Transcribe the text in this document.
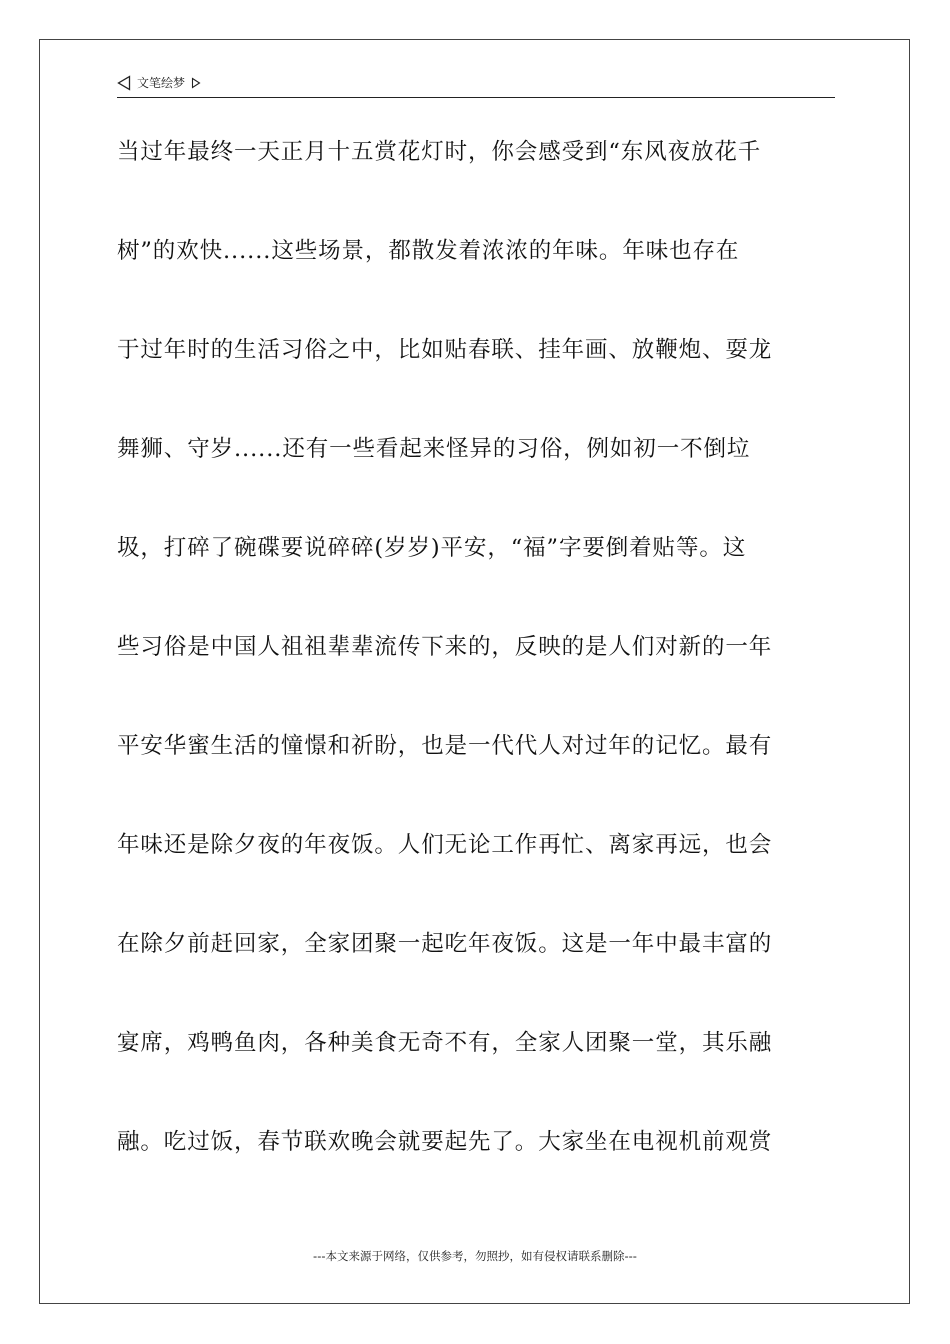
文笔绘梦
当过年最终一天正月十五赏花灯时，你会感受到“东风夜放花千
树”的欢快......这些场景，都散发着浓浓的年味。年味也存在
于过年时的生活习俗之中，比如贴春联、挂年画、放鞭炮、耍龙
舞狮、守岁......还有一些看起来怪异的习俗，例如初一不倒垃
圾，打碎了碗碟要说碎碎(岁岁)平安，“福”字要倒着贴等。这
些习俗是中国人祖祖辈辈流传下来的，反映的是人们对新的一年
平安华蜜生活的憧憬和祈盼，也是一代代人对过年的记忆。最有
年味还是除夕夜的年夜饭。人们无论工作再忙、离家再远，也会
在除夕前赶回家，全家团聚一起吃年夜饭。这是一年中最丰富的
宴席，鸡鸭鱼肉，各种美食无奇不有，全家人团聚一堂，其乐融
融。吃过饭，春节联欢晚会就要起先了。大家坐在电视机前观赏
---本文来源于网络，仅供参考，勿照抄，如有侵权请联系删除---
